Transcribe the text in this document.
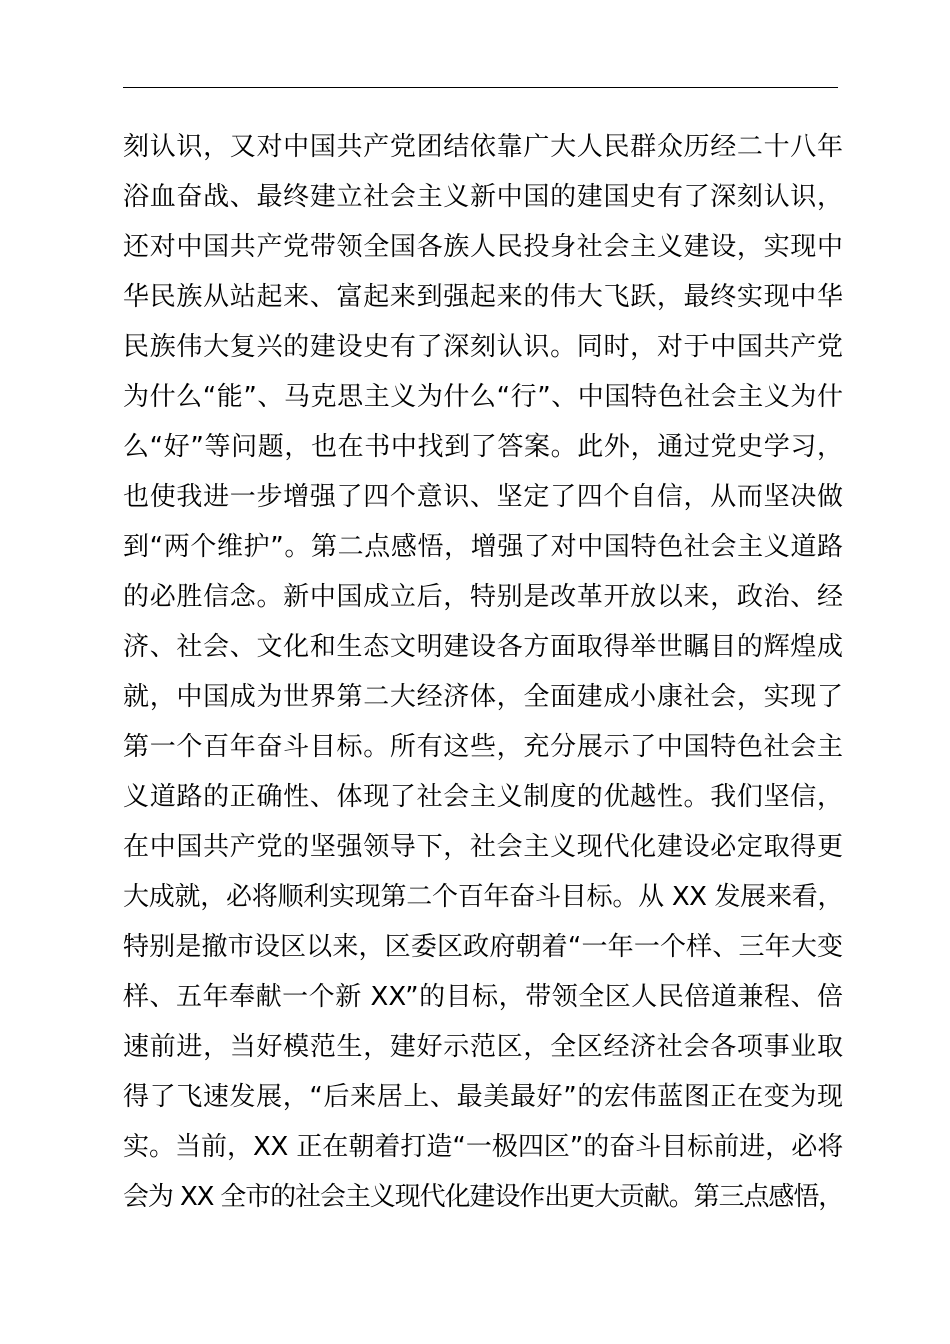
刻认识，又对中国共产党团结依靠广大人民群众历经二十八年
浴血奋战、最终建立社会主义新中国的建国史有了深刻认识，
还对中国共产党带领全国各族人民投身社会主义建设，实现中
华民族从站起来、富起来到强起来的伟大飞跃，最终实现中华
民族伟大复兴的建设史有了深刻认识。同时，对于中国共产党
为什么“能”、马克思主义为什么“行”、中国特色社会主义为什
么“好”等问题，也在书中找到了答案。此外，通过党史学习，
也使我进一步增强了四个意识、坚定了四个自信，从而坚决做
到“两个维护”。第二点感悟，增强了对中国特色社会主义道路
的必胜信念。新中国成立后，特别是改革开放以来，政治、经
济、社会、文化和生态文明建设各方面取得举世瞩目的辉煌成
就，中国成为世界第二大经济体，全面建成小康社会，实现了
第一个百年奋斗目标。所有这些，充分展示了中国特色社会主
义道路的正确性、体现了社会主义制度的优越性。我们坚信，
在中国共产党的坚强领导下，社会主义现代化建设必定取得更
大成就，必将顺利实现第二个百年奋斗目标。从 XX 发展来看，
特别是撤市设区以来，区委区政府朝着“一年一个样、三年大变
样、五年奉献一个新 XX”的目标，带领全区人民倍道兼程、倍
速前进，当好模范生，建好示范区，全区经济社会各项事业取
得了飞速发展，“后来居上、最美最好”的宏伟蓝图正在变为现
实。当前，XX 正在朝着打造“一极四区”的奋斗目标前进，必将
会为 XX 全市的社会主义现代化建设作出更大贡献。第三点感悟，
